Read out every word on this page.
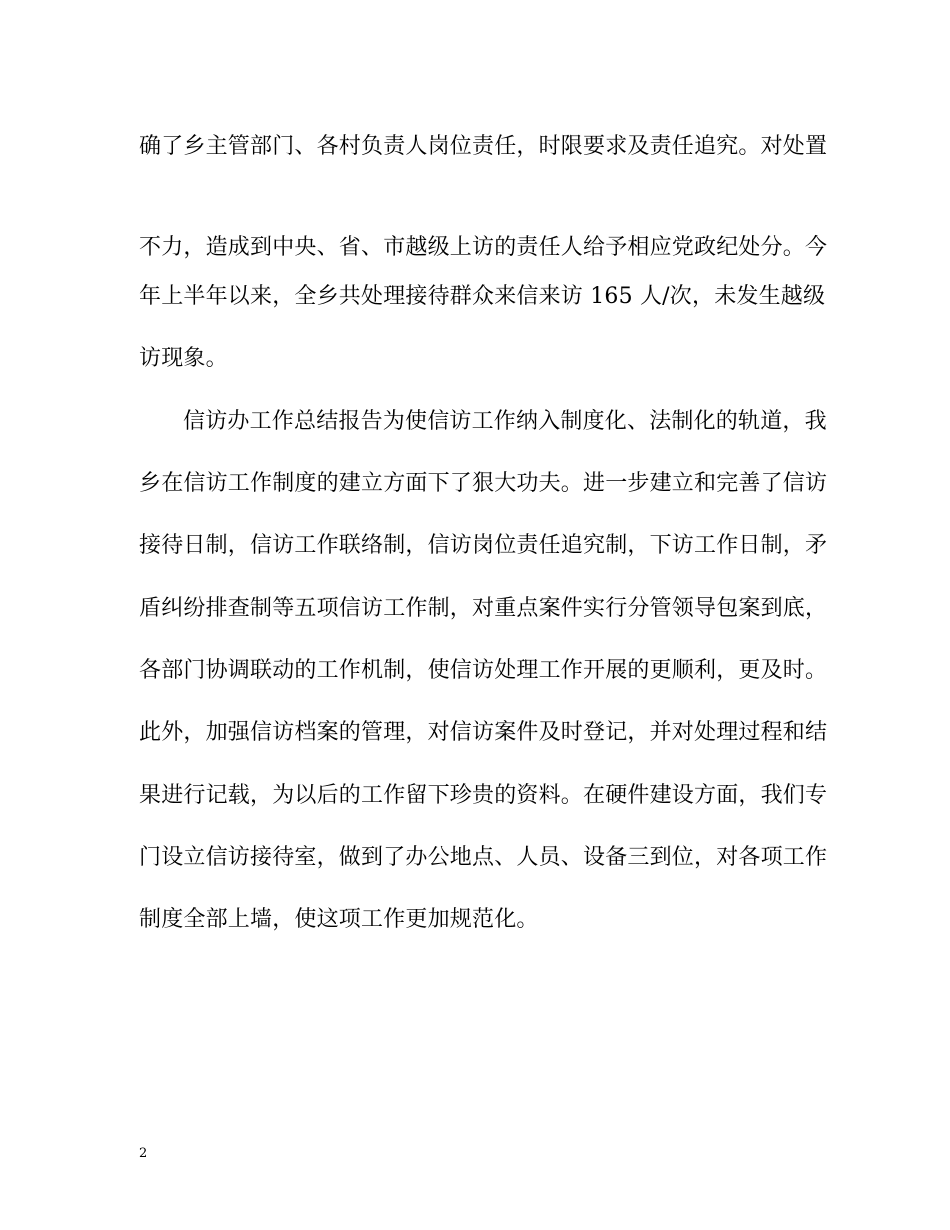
确了乡主管部门、各村负责人岗位责任，时限要求及责任追究。对处置
不力，造成到中央、省、市越级上访的责任人给予相应党政纪处分。今
年上半年以来，全乡共处理接待群众来信来访 165 人/次，未发生越级
访现象。
信访办工作总结报告为使信访工作纳入制度化、法制化的轨道，我
乡在信访工作制度的建立方面下了狠大功夫。进一步建立和完善了信访
接待日制，信访工作联络制，信访岗位责任追究制，下访工作日制，矛
盾纠纷排查制等五项信访工作制，对重点案件实行分管领导包案到底，
各部门协调联动的工作机制，使信访处理工作开展的更顺利，更及时。
此外，加强信访档案的管理，对信访案件及时登记，并对处理过程和结
果进行记载，为以后的工作留下珍贵的资料。在硬件建设方面，我们专
门设立信访接待室，做到了办公地点、人员、设备三到位，对各项工作
制度全部上墙，使这项工作更加规范化。
2
